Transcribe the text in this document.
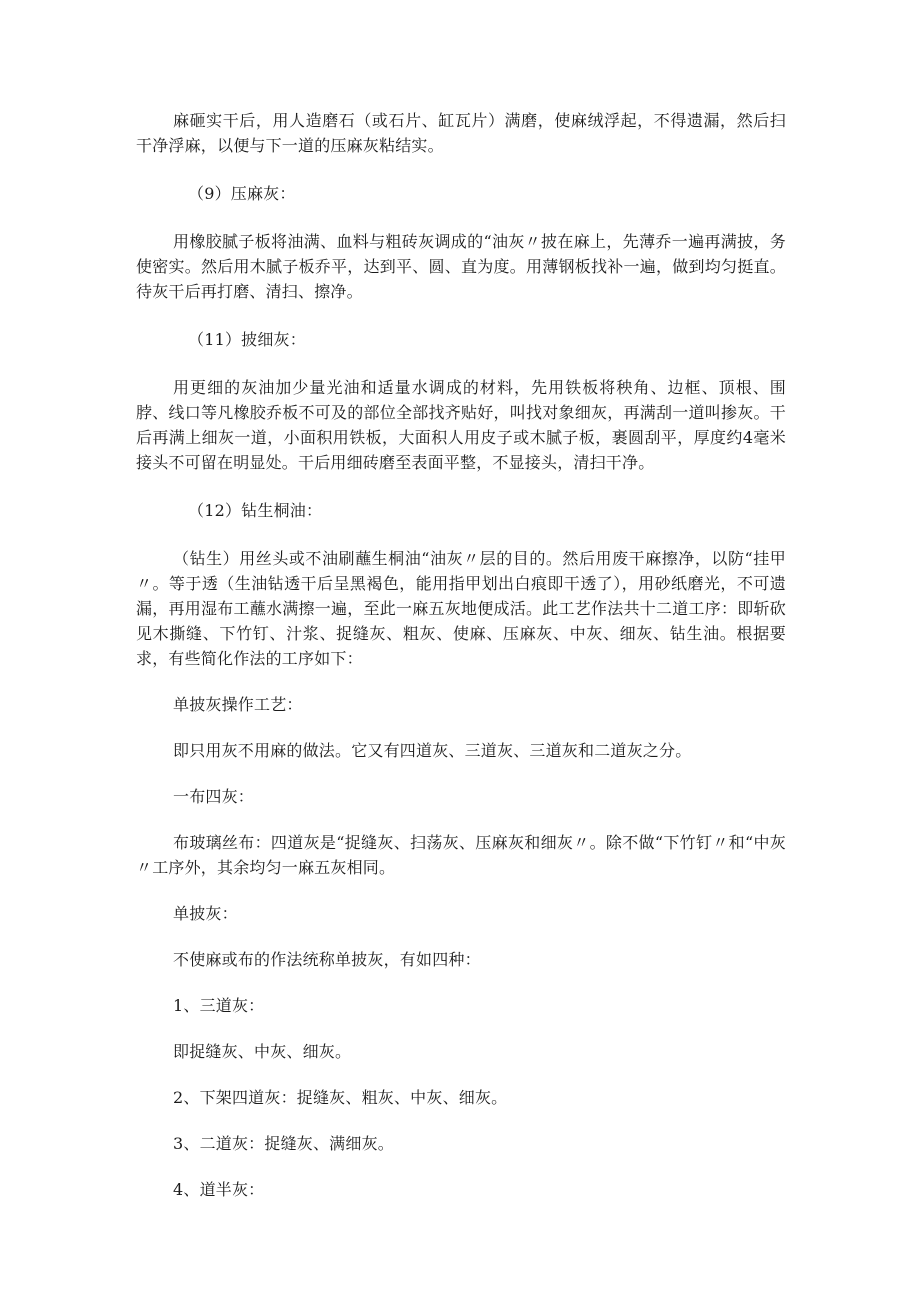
麻砸实干后，用人造磨石（或石片、缸瓦片）满磨，使麻绒浮起，不得遗漏，然后扫干净浮麻，以便与下一道的压麻灰粘结实。

（9）压麻灰：

用橡胶腻子板将油满、血料与粗砖灰调成的“油灰〃披在麻上，先薄乔一遍再满披，务使密实。然后用木腻子板乔平，达到平、圆、直为度。用薄钢板找补一遍，做到均匀挺直。待灰干后再打磨、清扫、擦净。

（11）披细灰：

用更细的灰油加少量光油和适量水调成的材料，先用铁板将秧角、边框、顶根、围脖、线口等凡橡胶乔板不可及的部位全部找齐贴好，叫找对象细灰，再满刮一道叫掺灰。干后再满上细灰一道，小面积用铁板，大面积人用皮子或木腻子板，裹圆刮平，厚度约4毫米接头不可留在明显处。干后用细砖磨至表面平整，不显接头，清扫干净。

（12）钻生桐油：

（钻生）用丝头或不油刷蘸生桐油“油灰〃层的目的。然后用废干麻擦净，以防“挂甲〃。等于透（生油钻透干后呈黑褐色，能用指甲划出白痕即干透了），用砂纸磨光，不可遗漏，再用湿布工蘸水满擦一遍，至此一麻五灰地便成活。此工艺作法共十二道工序：即斩砍见木撕缝、下竹钉、汁浆、捉缝灰、粗灰、使麻、压麻灰、中灰、细灰、钻生油。根据要求，有些简化作法的工序如下：

单披灰操作工艺：

即只用灰不用麻的做法。它又有四道灰、三道灰、三道灰和二道灰之分。

一布四灰：

布玻璃丝布：四道灰是“捉缝灰、扫荡灰、压麻灰和细灰〃。除不做“下竹钉〃和“中灰〃工序外，其余均匀一麻五灰相同。

单披灰：

不使麻或布的作法统称单披灰，有如四种：

1、三道灰：

即捉缝灰、中灰、细灰。

2、下架四道灰：捉缝灰、粗灰、中灰、细灰。

3、二道灰：捉缝灰、满细灰。

4、道半灰：
